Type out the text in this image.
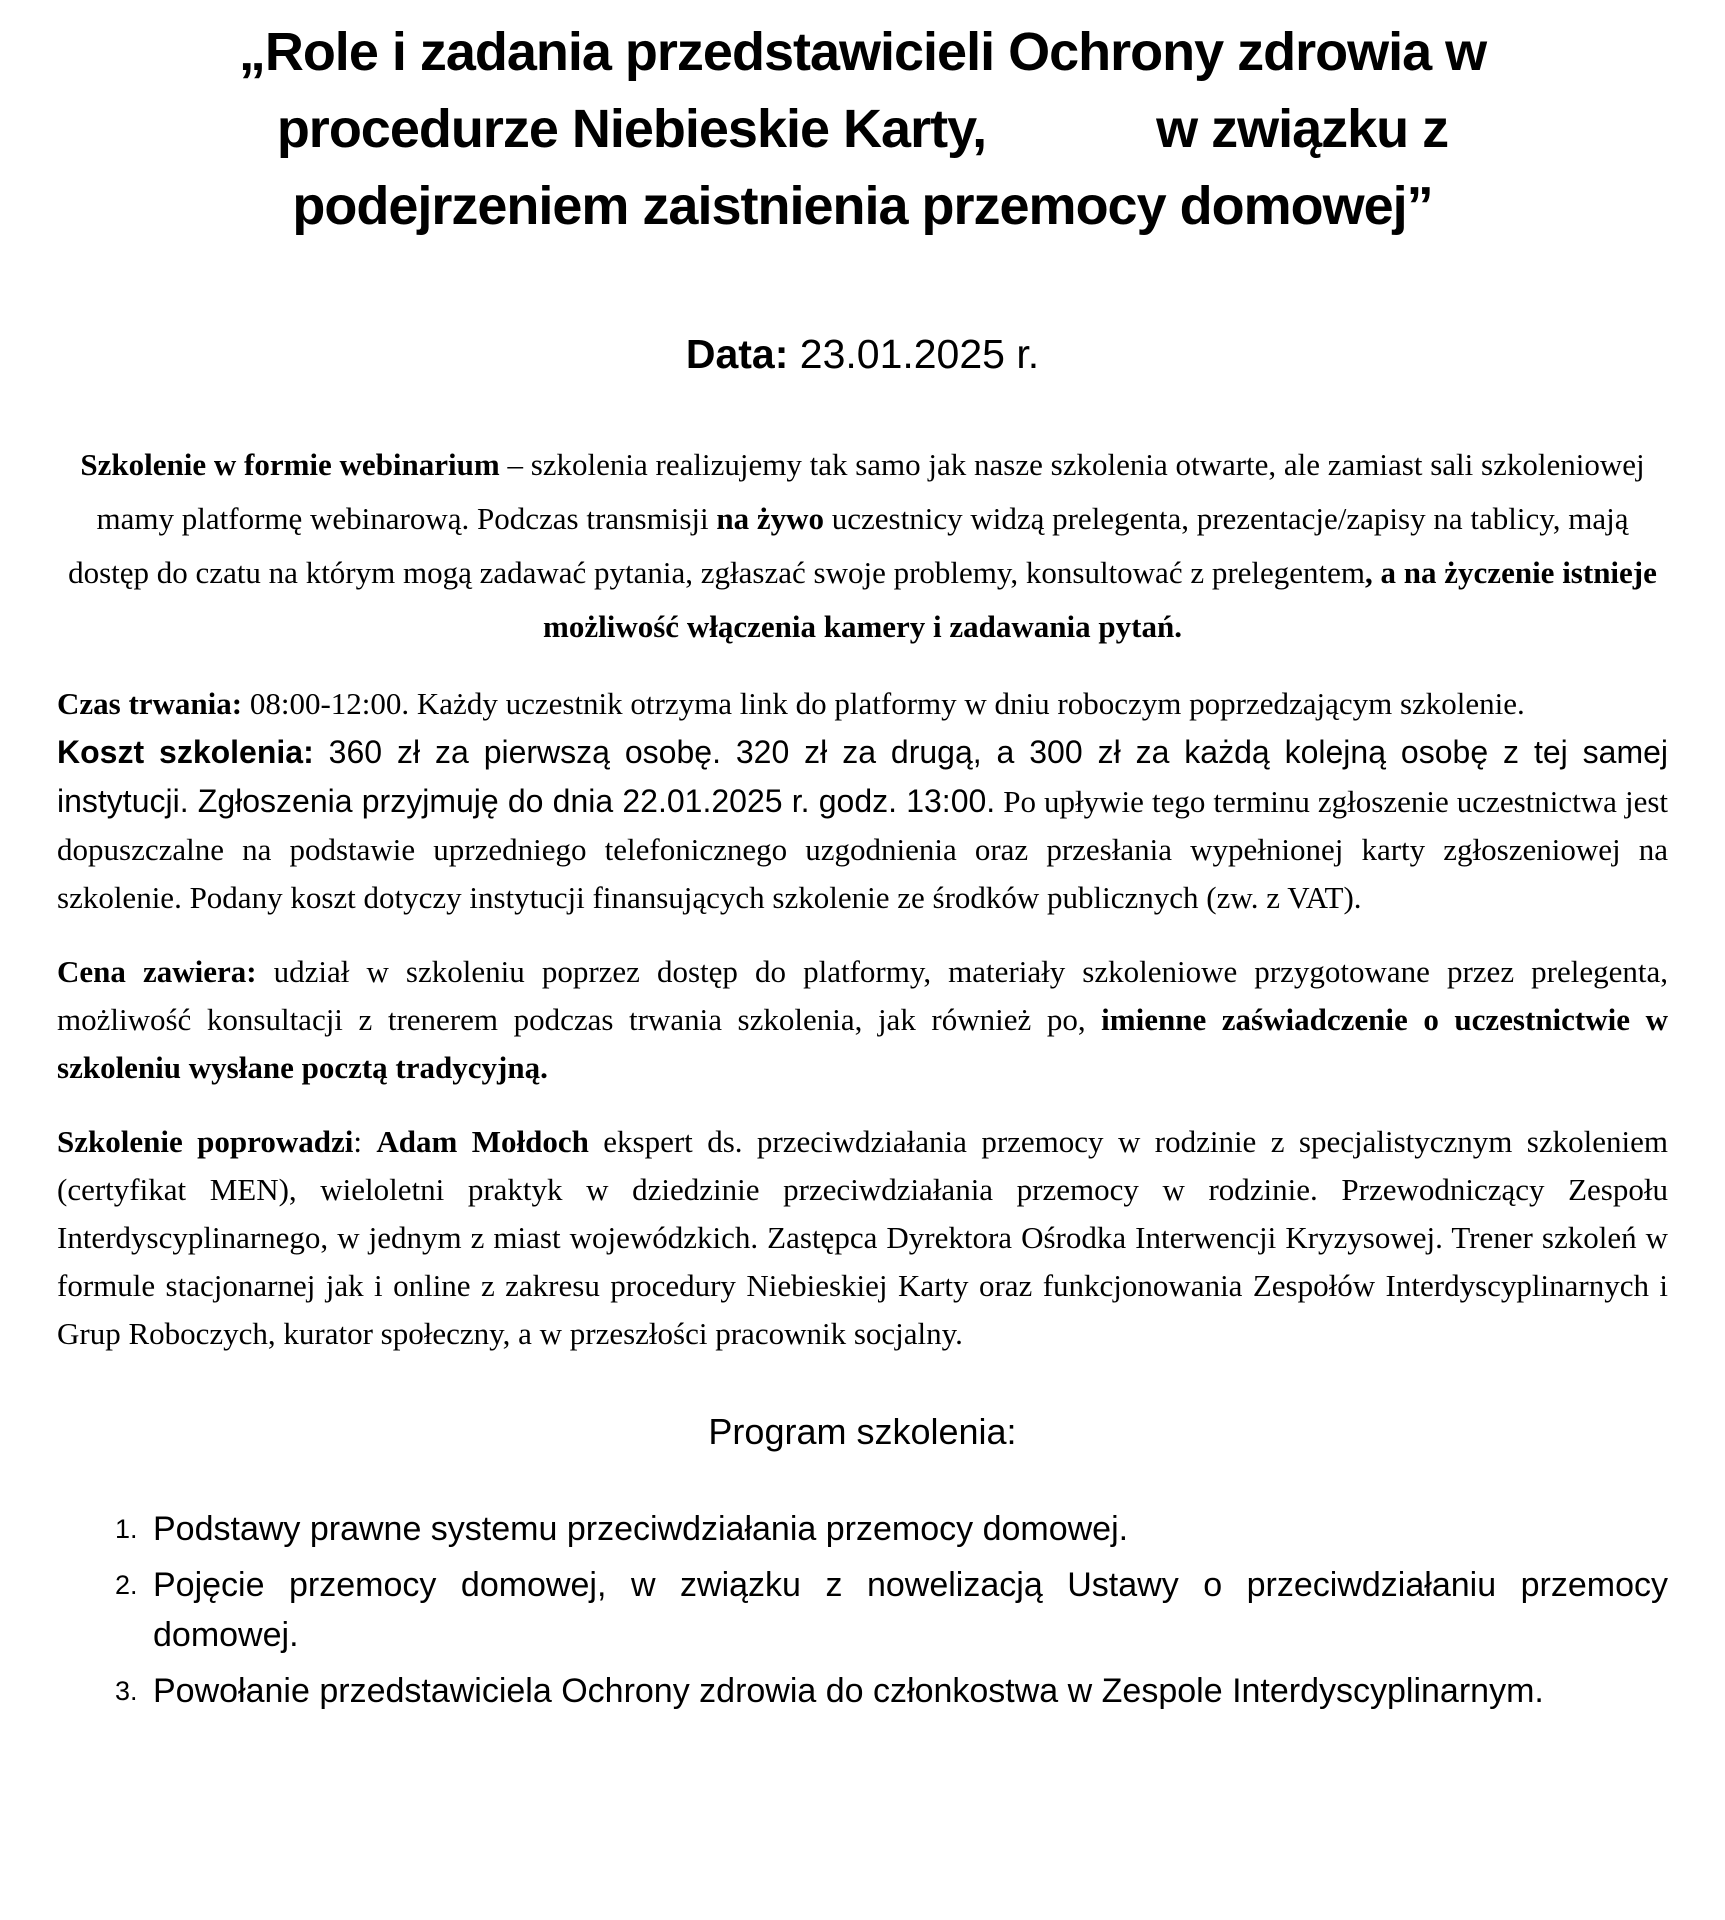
„Role i zadania przedstawicieli Ochrony zdrowia w
procedurze Niebieskie Karty,	w związku z
podejrzeniem zaistnienia przemocy domowej”

Data: 23.01.2025 r.

Szkolenie w formie webinarium – szkolenia realizujemy tak samo jak nasze szkolenia otwarte, ale zamiast sali szkoleniowej mamy platformę webinarową. Podczas transmisji na żywo uczestnicy widzą prelegenta, prezentacje/zapisy na tablicy, mają dostęp do czatu na którym mogą zadawać pytania, zgłaszać swoje problemy, konsultować z prelegentem, a na życzenie istnieje możliwość włączenia kamery i zadawania pytań.

Czas trwania: 08:00-12:00. Każdy uczestnik otrzyma link do platformy w dniu roboczym poprzedzającym szkolenie.

Koszt szkolenia: 360 zł za pierwszą osobę. 320 zł za drugą, a 300 zł za każdą kolejną osobę z tej samej instytucji. Zgłoszenia przyjmuję do dnia 22.01.2025 r. godz. 13:00. Po upływie tego terminu zgłoszenie uczestnictwa jest dopuszczalne na podstawie uprzedniego telefonicznego uzgodnienia oraz przesłania wypełnionej karty zgłoszeniowej na szkolenie. Podany koszt dotyczy instytucji finansujących szkolenie ze środków publicznych (zw. z VAT).

Cena zawiera: udział w szkoleniu poprzez dostęp do platformy, materiały szkoleniowe przygotowane przez prelegenta, możliwość konsultacji z trenerem podczas trwania szkolenia, jak również po, imienne zaświadczenie o uczestnictwie w szkoleniu wysłane pocztą tradycyjną.

Szkolenie poprowadzi: Adam Mołdoch ekspert ds. przeciwdziałania przemocy w rodzinie z specjalistycznym szkoleniem (certyfikat MEN), wieloletni praktyk w dziedzinie przeciwdziałania przemocy w rodzinie. Przewodniczący Zespołu Interdyscyplinarnego, w jednym z miast wojewódzkich. Zastępca Dyrektora Ośrodka Interwencji Kryzysowej. Trener szkoleń w formule stacjonarnej jak i online z zakresu procedury Niebieskiej Karty oraz funkcjonowania Zespołów Interdyscyplinarnych i Grup Roboczych, kurator społeczny, a w przeszłości pracownik socjalny.

Program szkolenia:
1. Podstawy prawne systemu przeciwdziałania przemocy domowej.
2. Pojęcie przemocy domowej, w związku z nowelizacją Ustawy o przeciwdziałaniu przemocy domowej.
3. Powołanie przedstawiciela Ochrony zdrowia do członkostwa w Zespole Interdyscyplinarnym.
